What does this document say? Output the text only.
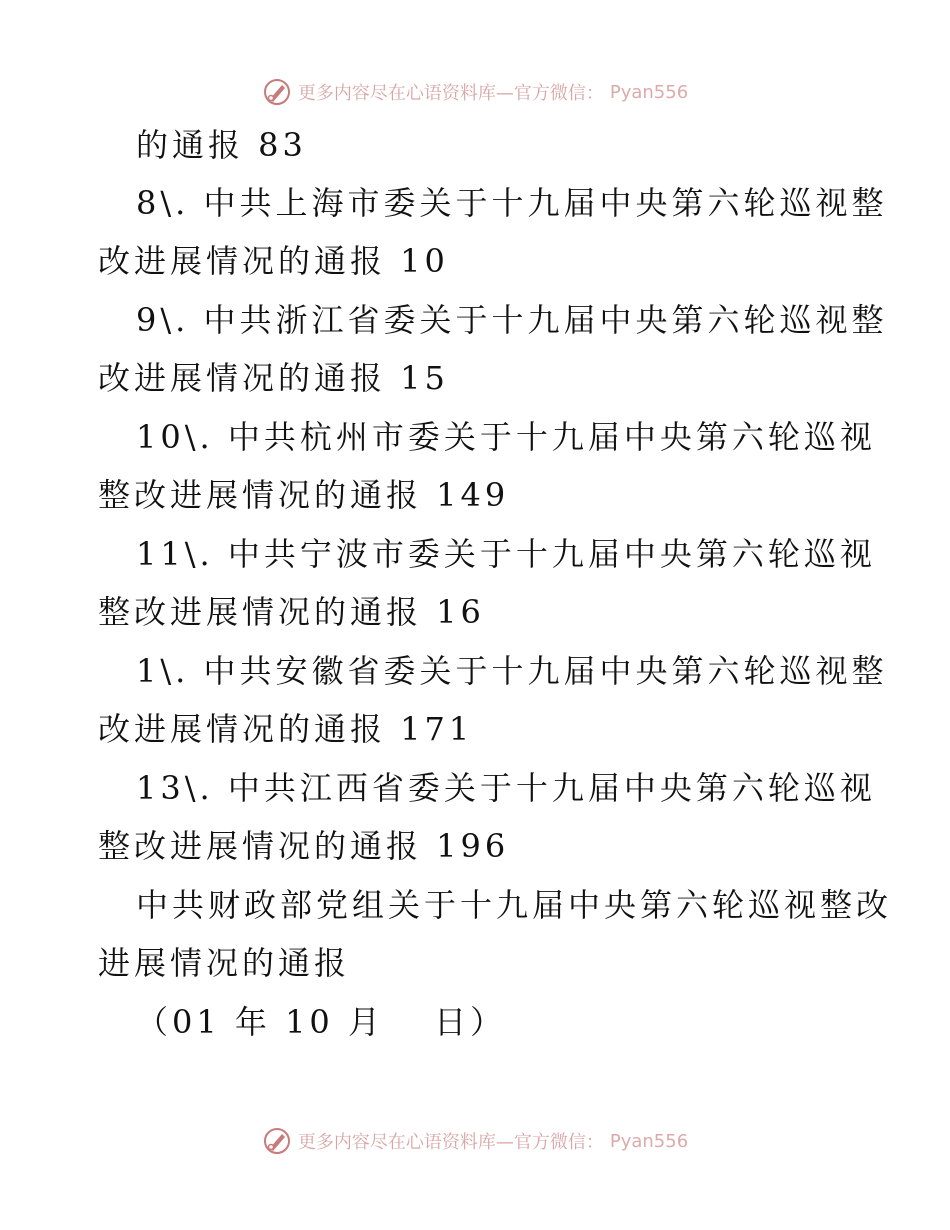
更多内容尽在心语资料库—官方微信： Pyan556
的通报 83
8\. 中共上海市委关于十九届中央第六轮巡视整
改进展情况的通报 10
9\. 中共浙江省委关于十九届中央第六轮巡视整
改进展情况的通报 15
10\. 中共杭州市委关于十九届中央第六轮巡视
整改进展情况的通报 149
11\. 中共宁波市委关于十九届中央第六轮巡视
整改进展情况的通报 16
1\. 中共安徽省委关于十九届中央第六轮巡视整
改进展情况的通报 171
13\. 中共江西省委关于十九届中央第六轮巡视
整改进展情况的通报 196
中共财政部党组关于十九届中央第六轮巡视整改
进展情况的通报
（01 年 10 月　 日）
更多内容尽在心语资料库—官方微信： Pyan556
